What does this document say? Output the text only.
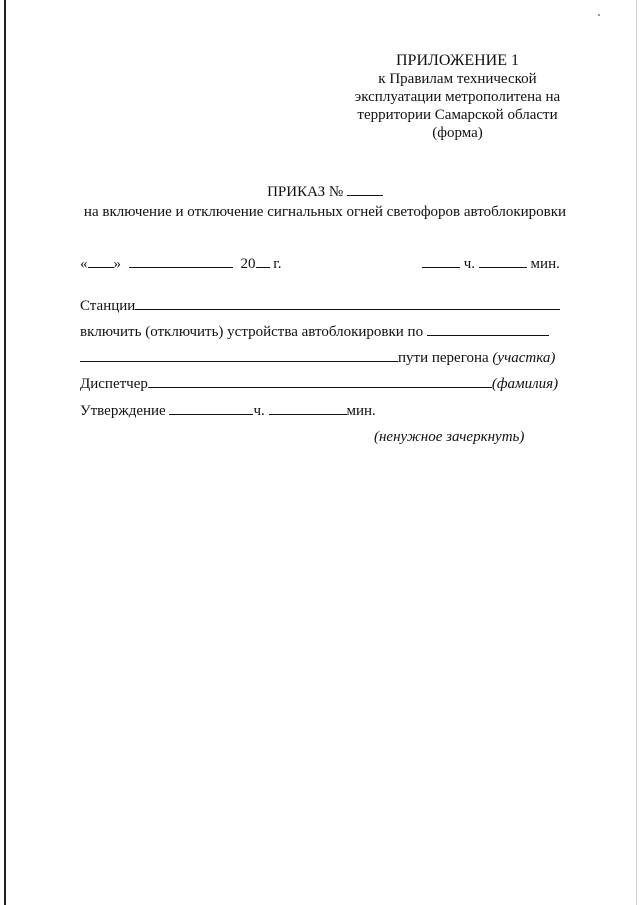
ПРИЛОЖЕНИЕ 1
к Правилам технической
эксплуатации метрополитена на
территории Самарской области
(форма)
ПРИКАЗ №
на включение и отключение сигнальных огней светофоров автоблокировки
« »	20 г.	ч.	мин.
Станции
включить (отключить) устройства автоблокировки по
пути перегона (участка)
Диспетчер	(фамилия)
Утверждение	ч.	мин.
(ненужное зачеркнуть)
